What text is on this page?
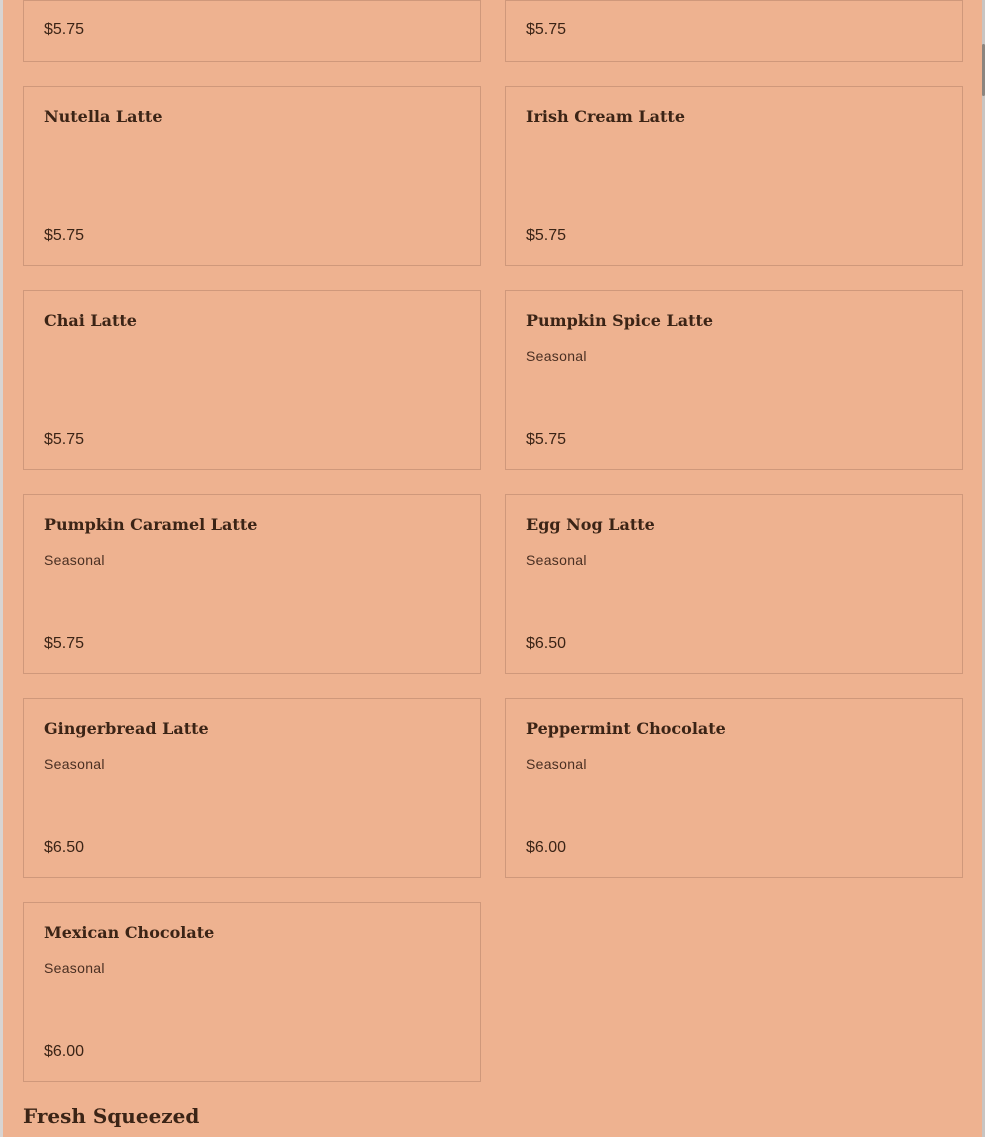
$5.75	$5.75
Nutella Latte
$5.75
Irish Cream Latte
$5.75
Chai Latte
$5.75
Pumpkin Spice Latte
Seasonal
$5.75
Pumpkin Caramel Latte
Seasonal
$5.75
Egg Nog Latte
Seasonal
$6.50
Gingerbread Latte
Seasonal
$6.50
Peppermint Chocolate
Seasonal
$6.00
Mexican Chocolate
Seasonal
$6.00
Fresh Squeezed
